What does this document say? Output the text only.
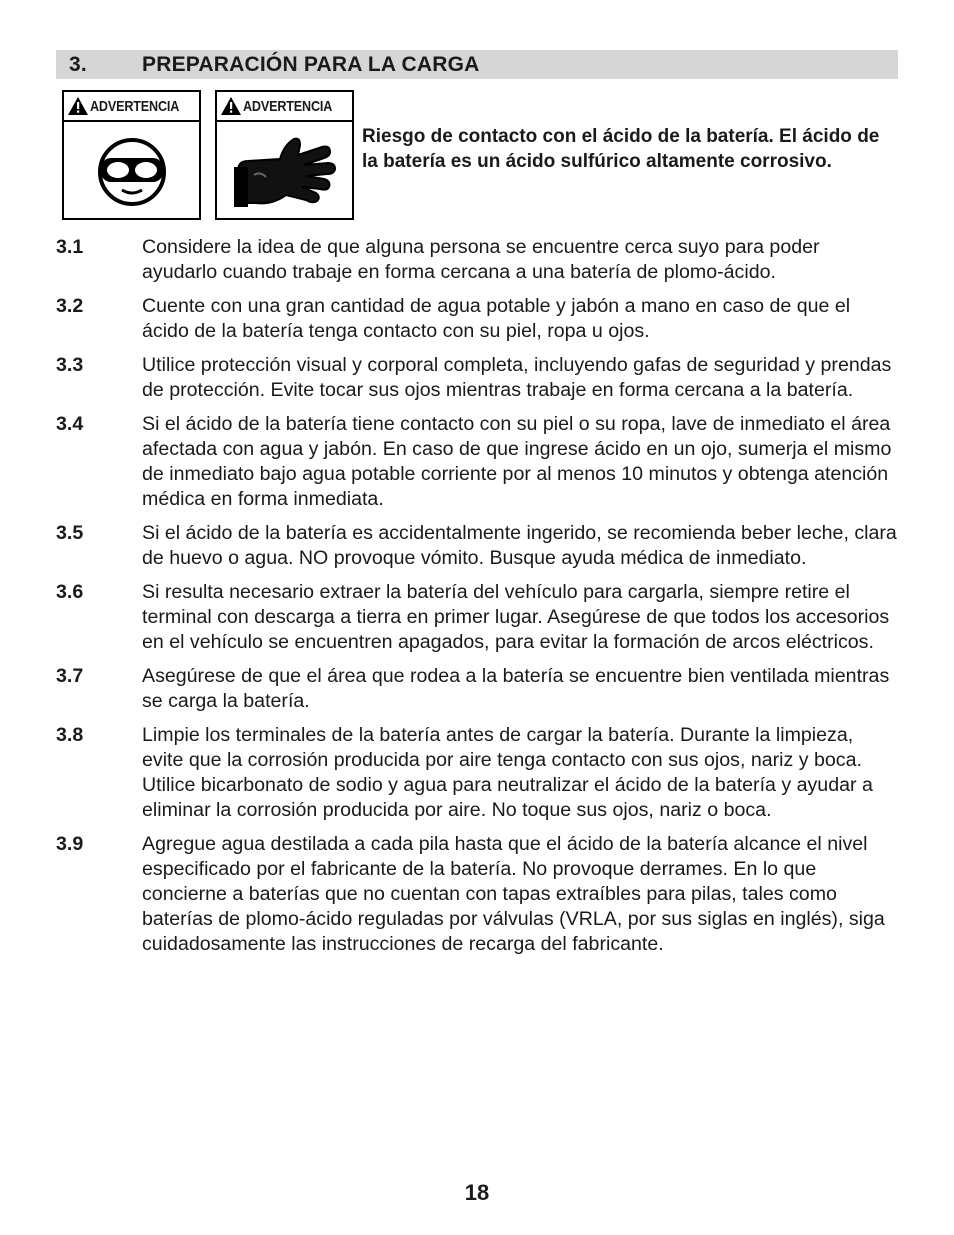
3.	PREPARACIÓN PARA LA CARGA
ADVERTENCIA	ADVERTENCIA
Riesgo de contacto con el ácido de la batería. El ácido de la batería es un ácido sulfúrico altamente corrosivo.
3.1	Considere la idea de que alguna persona se encuentre cerca suyo para poder ayudarlo cuando trabaje en forma cercana a una batería de plomo-ácido.
3.2	Cuente con una gran cantidad de agua potable y jabón a mano en caso de que el ácido de la batería tenga contacto con su piel, ropa u ojos.
3.3	Utilice protección visual y corporal completa, incluyendo gafas de seguridad y prendas de protección. Evite tocar sus ojos mientras trabaje en forma cercana a la batería.
3.4	Si el ácido de la batería tiene contacto con su piel o su ropa, lave de inmediato el área afectada con agua y jabón. En caso de que ingrese ácido en un ojo, sumerja el mismo de inmediato bajo agua potable corriente por al menos 10 minutos y obtenga atención médica en forma inmediata.
3.5	Si el ácido de la batería es accidentalmente ingerido, se recomienda beber leche, clara de huevo o agua. NO provoque vómito. Busque ayuda médica de inmediato.
3.6	Si resulta necesario extraer la batería del vehículo para cargarla, siempre retire el terminal con descarga a tierra en primer lugar. Asegúrese de que todos los accesorios en el vehículo se encuentren apagados, para evitar la formación de arcos eléctricos.
3.7	Asegúrese de que el área que rodea a la batería se encuentre bien ventilada mientras se carga la batería.
3.8	Limpie los terminales de la batería antes de cargar la batería. Durante la limpieza, evite que la corrosión producida por aire tenga contacto con sus ojos, nariz y boca. Utilice bicarbonato de sodio y agua para neutralizar el ácido de la batería y ayudar a eliminar la corrosión producida por aire. No toque sus ojos, nariz o boca.
3.9	Agregue agua destilada a cada pila hasta que el ácido de la batería alcance el nivel especificado por el fabricante de la batería. No provoque derrames. En lo que concierne a baterías que no cuentan con tapas extraíbles para pilas, tales como baterías de plomo-ácido reguladas por válvulas (VRLA, por sus siglas en inglés), siga cuidadosamente las instrucciones de recarga del fabricante.
18
